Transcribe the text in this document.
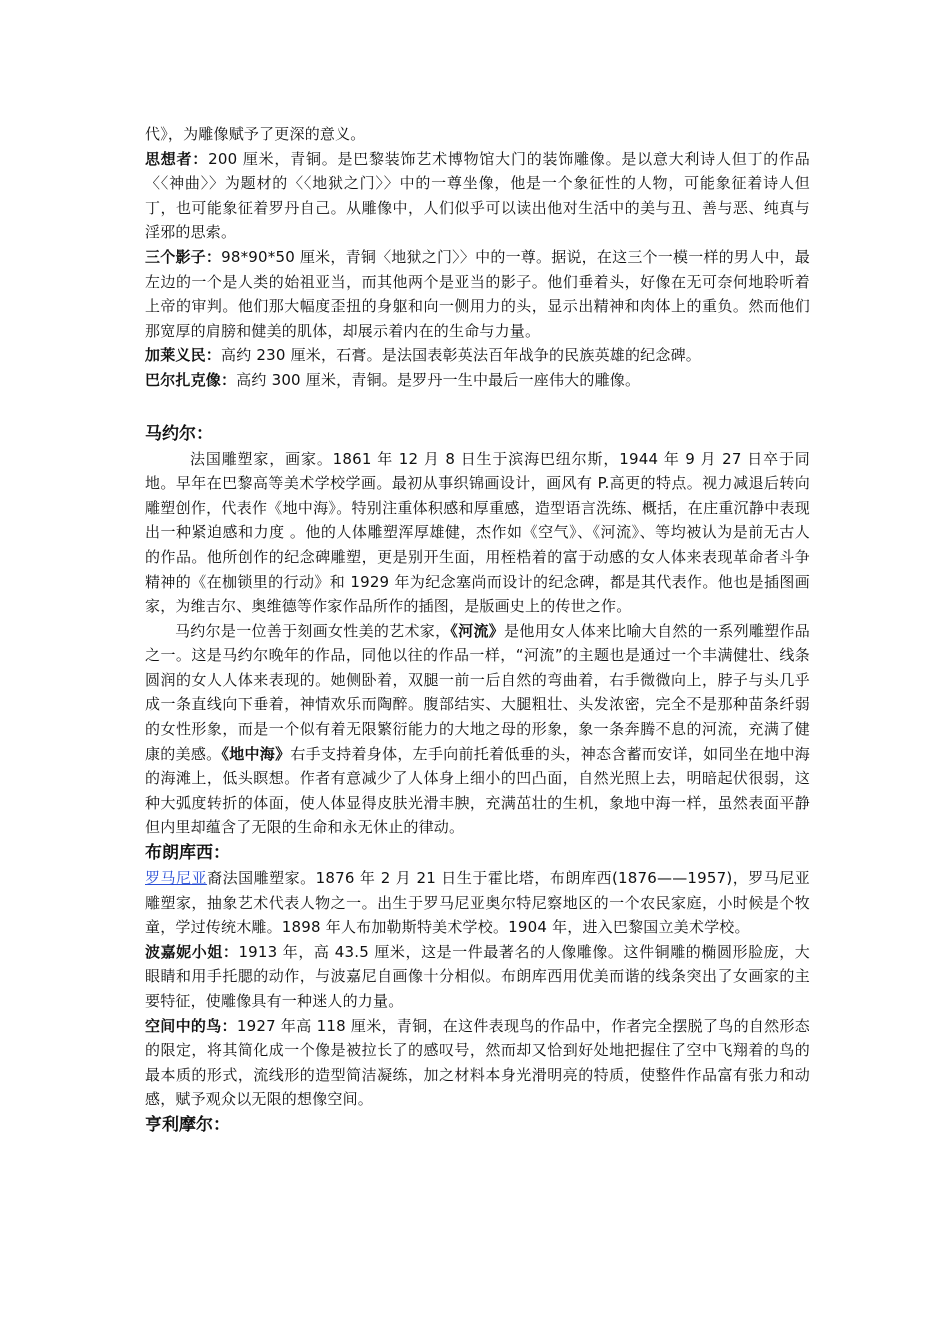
代》，为雕像赋予了更深的意义。

思想者：200 厘米，青铜。是巴黎装饰艺术博物馆大门的装饰雕像。是以意大利诗人但丁的作品〈〈神曲〉〉为题材的〈〈地狱之门〉〉中的一尊坐像，他是一个象征性的人物，可能象征着诗人但丁，也可能象征着罗丹自己。从雕像中，人们似乎可以读出他对生活中的美与丑、善与恶、纯真与淫邪的思索。

三个影子：98*90*50 厘米，青铜〈地狱之门〉〉中的一尊。据说，在这三个一模一样的男人中，最左边的一个是人类的始祖亚当，而其他两个是亚当的影子。他们垂着头，好像在无可奈何地聆听着上帝的审判。他们那大幅度歪扭的身躯和向一侧用力的头，显示出精神和肉体上的重负。然而他们那宽厚的肩膀和健美的肌体，却展示着内在的生命与力量。

加莱义民：高约 230 厘米，石膏。是法国表彰英法百年战争的民族英雄的纪念碑。

巴尔扎克像：高约 300 厘米，青铜。是罗丹一生中最后一座伟大的雕像。

马约尔：

法国雕塑家，画家。1861 年 12 月 8 日生于滨海巴纽尔斯，1944 年 9 月 27 日卒于同地。早年在巴黎高等美术学校学画。最初从事织锦画设计，画风有 P.高更的特点。视力减退后转向雕塑创作，代表作《地中海》。特别注重体积感和厚重感，造型语言洗练、概括，在庄重沉静中表现出一种紧迫感和力度 。他的人体雕塑浑厚雄健，杰作如《空气》、《河流》、等均被认为是前无古人的作品。他所创作的纪念碑雕塑，更是别开生面，用桎梏着的富于动感的女人体来表现革命者斗争精神的《在枷锁里的行动》和 1929 年为纪念塞尚而设计的纪念碑，都是其代表作。他也是插图画家，为维吉尔、奥维德等作家作品所作的插图，是版画史上的传世之作。

马约尔是一位善于刻画女性美的艺术家，《河流》是他用女人体来比喻大自然的一系列雕塑作品之一。这是马约尔晚年的作品，同他以往的作品一样，“河流”的主题也是通过一个丰满健壮、线条圆润的女人人体来表现的。她侧卧着，双腿一前一后自然的弯曲着，右手微微向上，脖子与头几乎成一条直线向下垂着，神情欢乐而陶醉。腹部结实、大腿粗壮、头发浓密，完全不是那种苗条纤弱的女性形象，而是一个似有着无限繁衍能力的大地之母的形象，象一条奔腾不息的河流，充满了健康的美感。《地中海》右手支持着身体，左手向前托着低垂的头，神态含蓄而安详，如同坐在地中海的海滩上，低头瞑想。作者有意减少了人体身上细小的凹凸面，自然光照上去，明暗起伏很弱，这种大弧度转折的体面，使人体显得皮肤光滑丰腴，充满茁壮的生机，象地中海一样，虽然表面平静但内里却蕴含了无限的生命和永无休止的律动。

布朗库西：

罗马尼亚裔法国雕塑家。1876 年 2 月 21 日生于霍比塔，布朗库西(1876——1957)，罗马尼亚雕塑家，抽象艺术代表人物之一。出生于罗马尼亚奥尔特尼察地区的一个农民家庭，小时候是个牧童，学过传统木雕。1898 年人布加勒斯特美术学校。1904 年，进入巴黎国立美术学校。

波嘉妮小姐：1913 年，高 43.5 厘米，这是一件最著名的人像雕像。这件铜雕的椭圆形脸庞，大眼睛和用手托腮的动作，与波嘉尼自画像十分相似。布朗库西用优美而谐的线条突出了女画家的主要特征，使雕像具有一种迷人的力量。

空间中的鸟：1927 年高 118 厘米，青铜，在这件表现鸟的作品中，作者完全摆脱了鸟的自然形态的限定，将其简化成一个像是被拉长了的感叹号，然而却又恰到好处地把握住了空中飞翔着的鸟的最本质的形式，流线形的造型简洁凝练，加之材料本身光滑明亮的特质，使整件作品富有张力和动感，赋予观众以无限的想像空间。

亨利摩尔：
